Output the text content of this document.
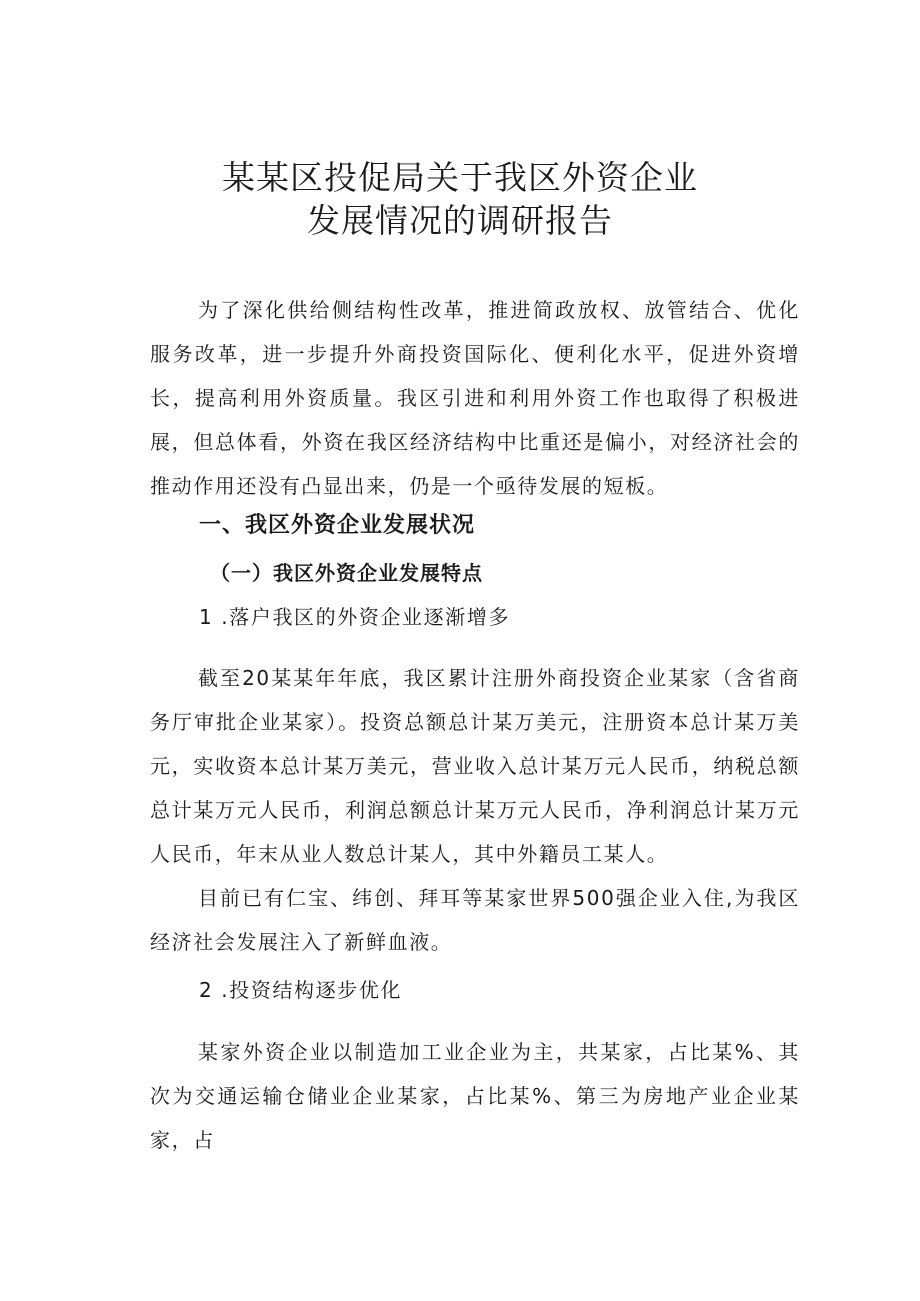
某某区投促局关于我区外资企业
发展情况的调研报告

为了深化供给侧结构性改革，推进简政放权、放管结合、优化服务改革，进一步提升外商投资国际化、便利化水平，促进外资增长，提高利用外资质量。我区引进和利用外资工作也取得了积极进展，但总体看，外资在我区经济结构中比重还是偏小，对经济社会的推动作用还没有凸显出来，仍是一个亟待发展的短板。

一、我区外资企业发展状况
（一）我区外资企业发展特点
1 .落户我区的外资企业逐渐增多

截至20某某年年底，我区累计注册外商投资企业某家（含省商务厅审批企业某家）。投资总额总计某万美元，注册资本总计某万美元，实收资本总计某万美元，营业收入总计某万元人民币，纳税总额总计某万元人民币，利润总额总计某万元人民币，净利润总计某万元人民币，年末从业人数总计某人，其中外籍员工某人。

目前已有仁宝、纬创、拜耳等某家世界500强企业入住,为我区经济社会发展注入了新鲜血液。

2 .投资结构逐步优化

某家外资企业以制造加工业企业为主，共某家，占比某%、其次为交通运输仓储业企业某家，占比某%、第三为房地产业企业某家，占
